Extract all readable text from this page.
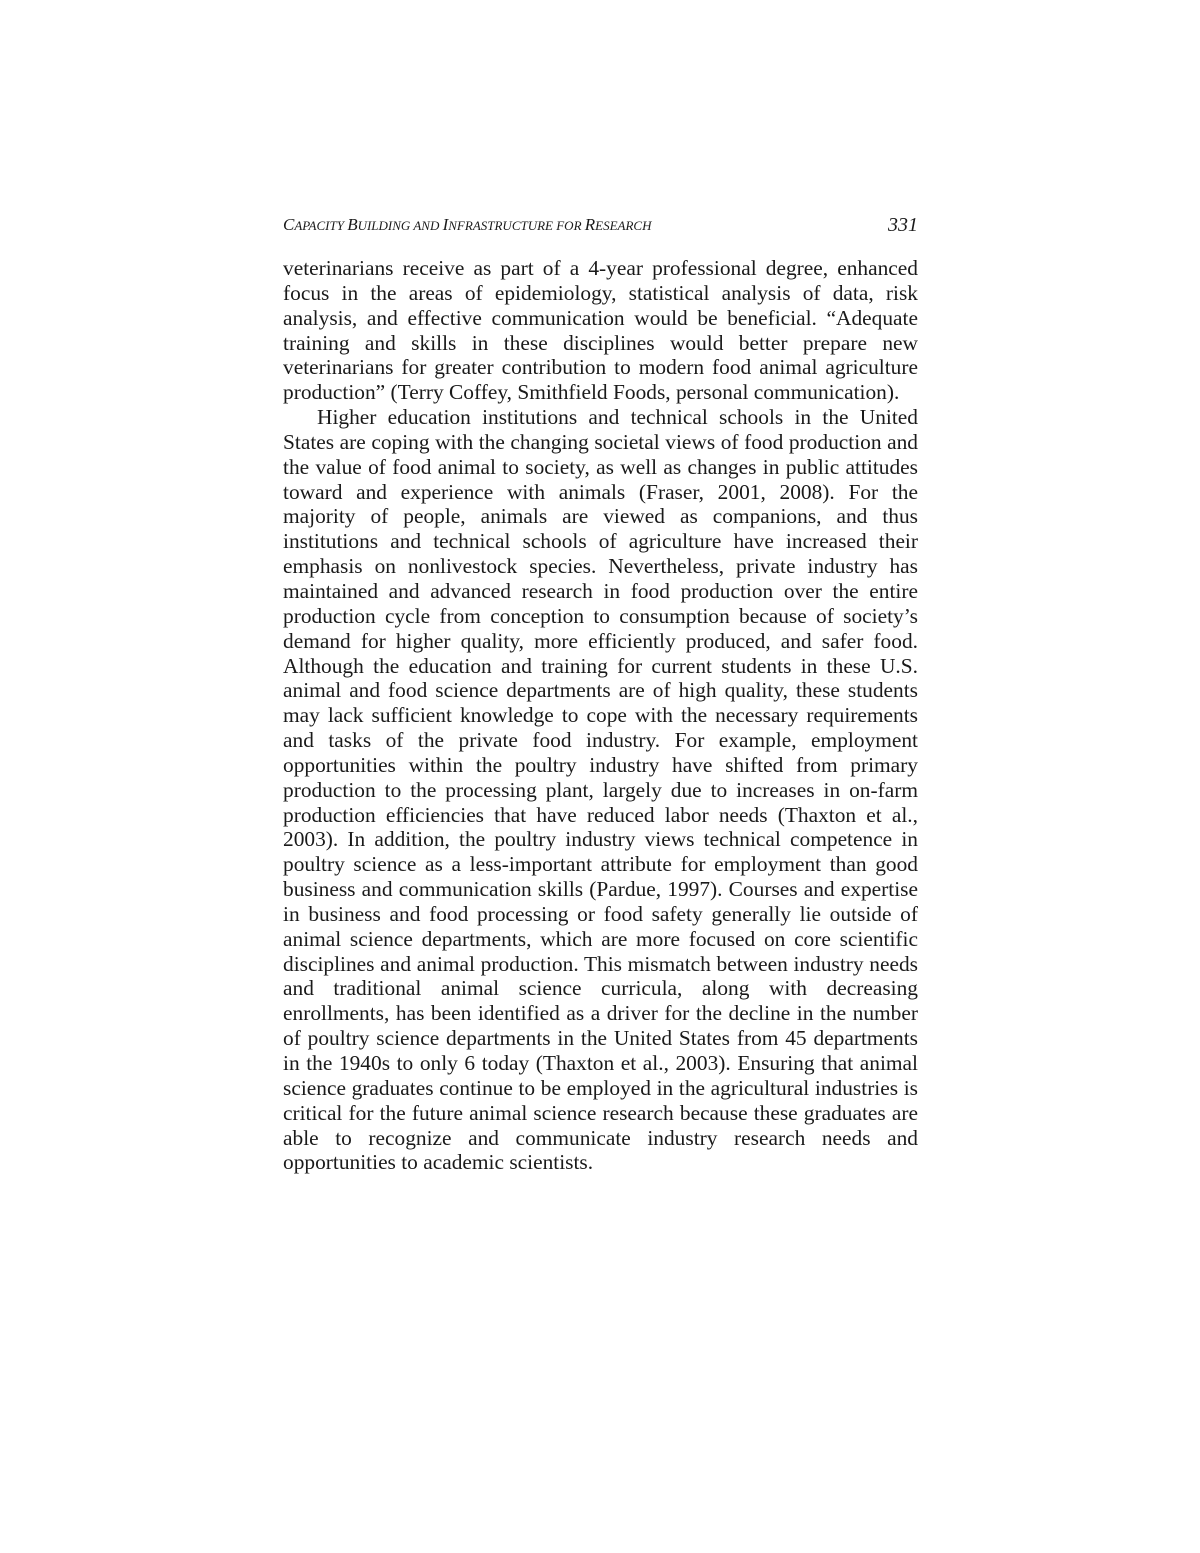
CAPACITY BUILDING AND INFRASTRUCTURE FOR RESEARCH	331

veterinarians receive as part of a 4-year professional degree, enhanced focus in the areas of epidemiology, statistical analysis of data, risk analysis, and effective communication would be beneficial. “Adequate training and skills in these disciplines would better prepare new veterinarians for greater contribution to modern food animal agriculture production” (Terry Coffey, Smithfield Foods, personal communication).

Higher education institutions and technical schools in the United States are coping with the changing societal views of food production and the value of food animal to society, as well as changes in public attitudes toward and experience with animals (Fraser, 2001, 2008). For the majority of people, animals are viewed as companions, and thus institutions and technical schools of agriculture have increased their emphasis on nonlivestock species. Nevertheless, private industry has maintained and advanced research in food production over the entire production cycle from conception to consumption because of society’s demand for higher quality, more efficiently produced, and safer food. Although the education and training for current students in these U.S. animal and food science departments are of high quality, these students may lack sufficient knowledge to cope with the necessary requirements and tasks of the private food industry. For example, employment opportunities within the poultry industry have shifted from primary production to the processing plant, largely due to increases in on-farm production efficiencies that have reduced labor needs (Thaxton et al., 2003). In addition, the poultry industry views technical competence in poultry science as a less-important attribute for employment than good business and communication skills (Pardue, 1997). Courses and expertise in business and food processing or food safety generally lie outside of animal science departments, which are more focused on core scientific disciplines and animal production. This mismatch between industry needs and traditional animal science curricula, along with decreasing enrollments, has been identified as a driver for the decline in the number of poultry science departments in the United States from 45 departments in the 1940s to only 6 today (Thaxton et al., 2003). Ensuring that animal science graduates continue to be employed in the agricultural industries is critical for the future animal science research because these graduates are able to recognize and communicate industry research needs and opportunities to academic scientists.
